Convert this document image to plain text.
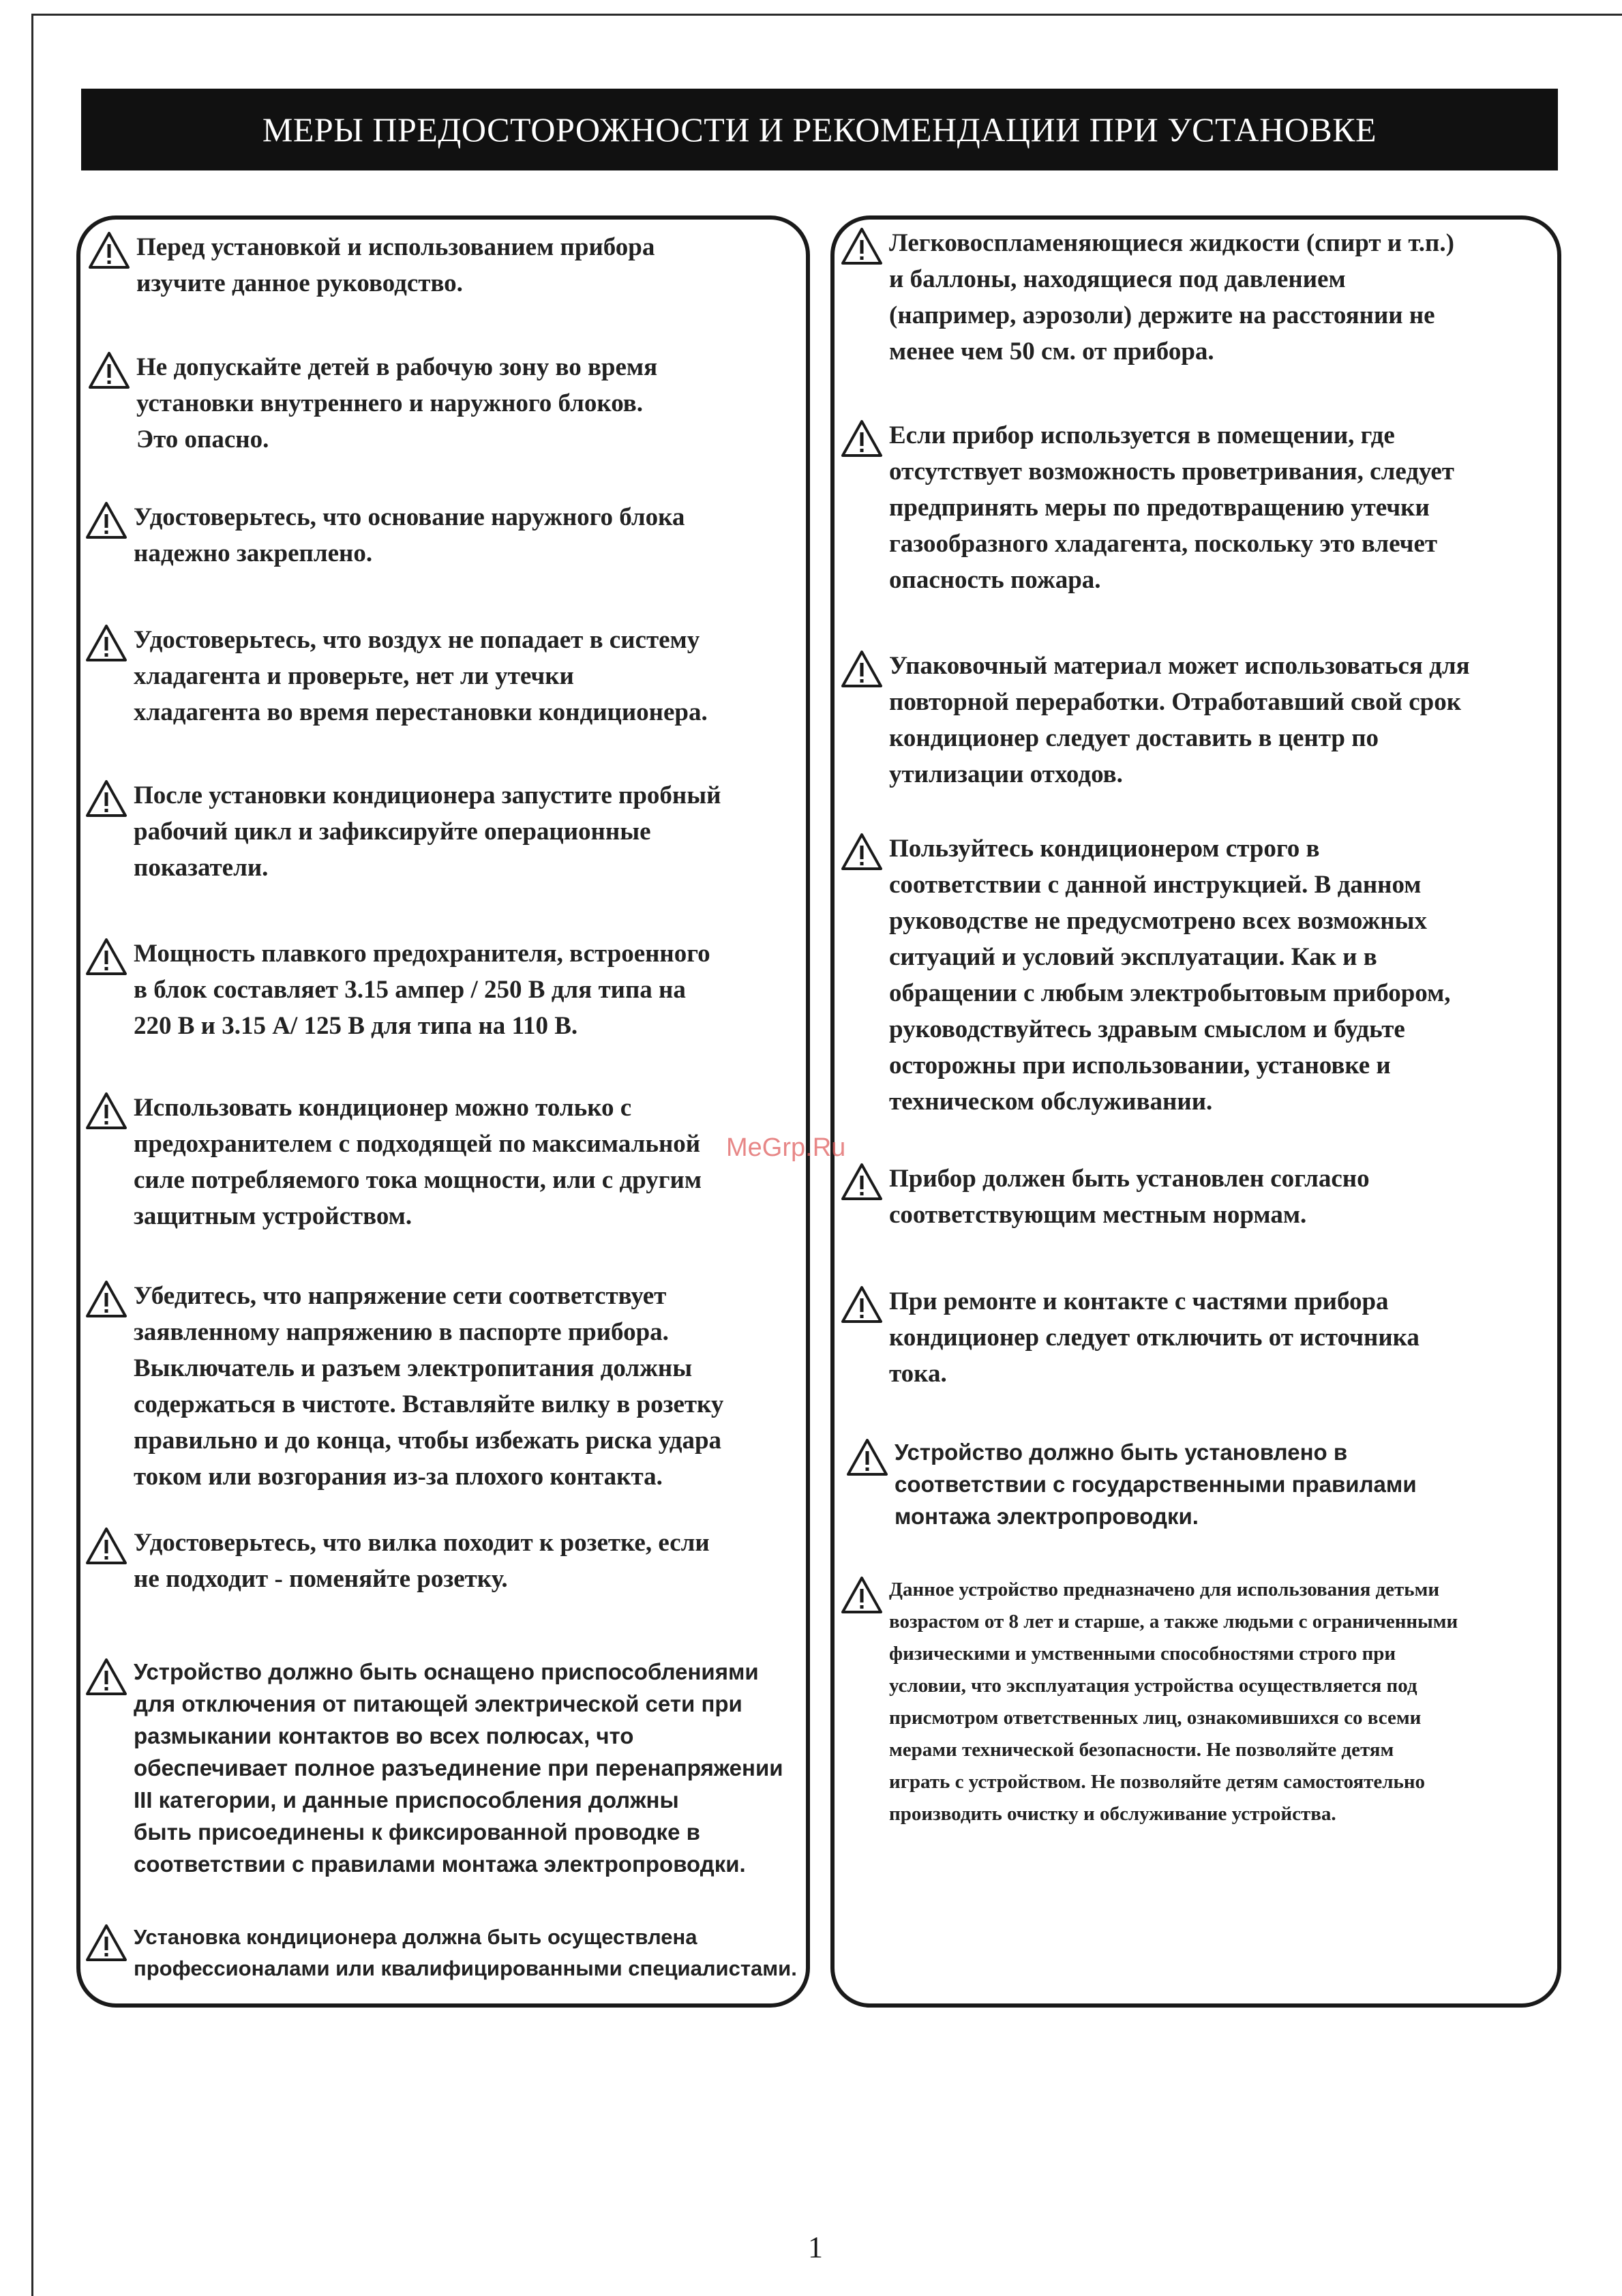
МЕРЫ ПРЕДОСТОРОЖНОСТИ И РЕКОМЕНДАЦИИ ПРИ УСТАНОВКЕ
Перед установкой и использованием прибора
изучите данное руководство.
Не допускайте детей в рабочую зону во время
установки внутреннего и наружного блоков.
Это опасно.
Удостоверьтесь, что основание наружного блока
надежно закреплено.
Удостоверьтесь, что воздух не попадает в систему
хладагента и проверьте, нет ли утечки
хладагента во время перестановки кондиционера.
После установки кондиционера запустите пробный
рабочий цикл и зафиксируйте операционные
показатели.
Мощность плавкого предохранителя, встроенного
в блок составляет 3.15 ампер / 250 В для типа на
220 В и 3.15 А/ 125 В для типа на 110 В.
Использовать кондиционер можно только с
предохранителем с подходящей по максимальной
силе потребляемого тока мощности, или с другим
защитным устройством.
Убедитесь, что напряжение сети соответствует
заявленному напряжению в паспорте прибора.
Выключатель и разъем электропитания должны
содержаться в чистоте. Вставляйте вилку в розетку
правильно и до конца, чтобы избежать риска удара
током или возгорания из-за плохого контакта.
Удостоверьтесь, что вилка походит к розетке, если
не подходит - поменяйте розетку.
Устройство должно быть оснащено приспособлениями
для отключения от питающей электрической сети при
размыкании контактов во всех полюсах, что
обеспечивает полное разъединение при перенапряжении
III категории, и данные приспособления должны
быть присоединены к фиксированной проводке в
соответствии с правилами монтажа электропроводки.
Установка кондиционера должна быть осуществлена
профессионалами или квалифицированными специалистами.
Легковоспламеняющиеся жидкости (спирт и т.п.)
и баллоны, находящиеся под давлением
(например, аэрозоли) держите на расстоянии не
менее чем 50 см. от прибора.
Если прибор используется в помещении, где
отсутствует возможность проветривания, следует
предпринять меры по предотвращению утечки
газообразного хладагента, поскольку это влечет
опасность пожара.
Упаковочный материал может использоваться для
повторной переработки. Отработавший свой срок
кондиционер следует доставить в центр по
утилизации отходов.
Пользуйтесь кондиционером строго в
соответствии с данной инструкцией. В данном
руководстве не предусмотрено всех возможных
ситуаций и условий эксплуатации. Как и в
обращении с любым электробытовым прибором,
руководствуйтесь здравым смыслом и будьте
осторожны при использовании, установке и
техническом обслуживании.
Прибор должен быть установлен согласно
соответствующим местным нормам.
При ремонте и контакте с частями прибора
кондиционер следует отключить от источника
тока.
Устройство должно быть установлено в
соответствии с государственными правилами
монтажа электропроводки.
Данное устройство предназначено для использования детьми
возрастом от 8 лет и старше, а также людьми с ограниченными
физическими и умственными способностями строго при
условии, что эксплуатация устройства осуществляется под
присмотром ответственных лиц, ознакомившихся со всеми
мерами технической безопасности. Не позволяйте детям
играть с устройством. Не позволяйте детям самостоятельно
производить очистку и обслуживание устройства.
MeGrp.Ru
1
